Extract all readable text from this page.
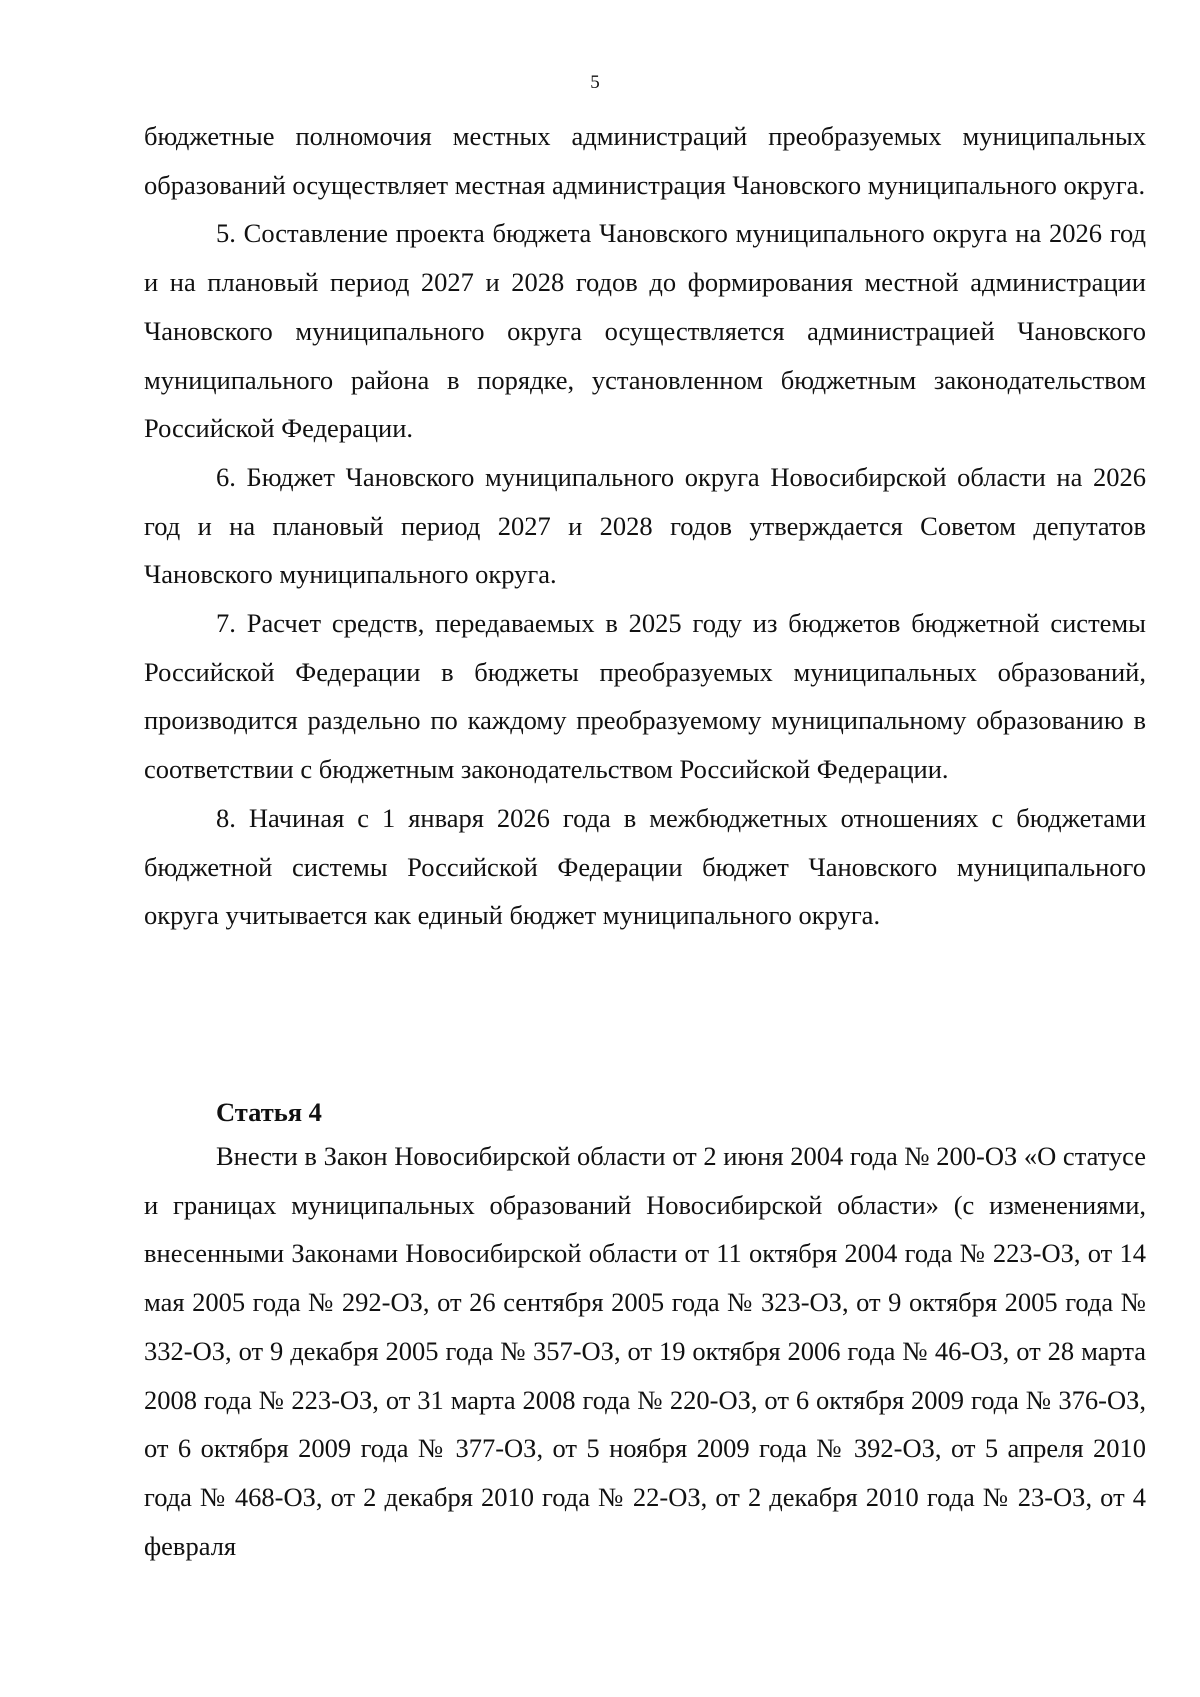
5

бюджетные полномочия местных администраций преобразуемых муниципальных образований осуществляет местная администрация Чановского муниципального округа.

5. Составление проекта бюджета Чановского муниципального округа на 2026 год и на плановый период 2027 и 2028 годов до формирования местной администрации Чановского муниципального округа осуществляется администрацией Чановского муниципального района в порядке, установленном бюджетным законодательством Российской Федерации.

6. Бюджет Чановского муниципального округа Новосибирской области на 2026 год и на плановый период 2027 и 2028 годов утверждается Советом депутатов Чановского муниципального округа.

7. Расчет средств, передаваемых в 2025 году из бюджетов бюджетной системы Российской Федерации в бюджеты преобразуемых муниципальных образований, производится раздельно по каждому преобразуемому муниципальному образованию в соответствии с бюджетным законодательством Российской Федерации.

8. Начиная с 1 января 2026 года в межбюджетных отношениях с бюджетами бюджетной системы Российской Федерации бюджет Чановского муниципального округа учитывается как единый бюджет муниципального округа.

Статья 4

Внести в Закон Новосибирской области от 2 июня 2004 года № 200-ОЗ «О статусе и границах муниципальных образований Новосибирской области» (с изменениями, внесенными Законами Новосибирской области от 11 октября 2004 года № 223-ОЗ, от 14 мая 2005 года № 292-ОЗ, от 26 сентября 2005 года № 323-ОЗ, от 9 октября 2005 года № 332-ОЗ, от 9 декабря 2005 года № 357-ОЗ, от 19 октября 2006 года № 46-ОЗ, от 28 марта 2008 года № 223-ОЗ, от 31 марта 2008 года № 220-ОЗ, от 6 октября 2009 года № 376-ОЗ, от 6 октября 2009 года № 377-ОЗ, от 5 ноября 2009 года № 392-ОЗ, от 5 апреля 2010 года № 468-ОЗ, от 2 декабря 2010 года № 22-ОЗ, от 2 декабря 2010 года № 23-ОЗ, от 4 февраля
